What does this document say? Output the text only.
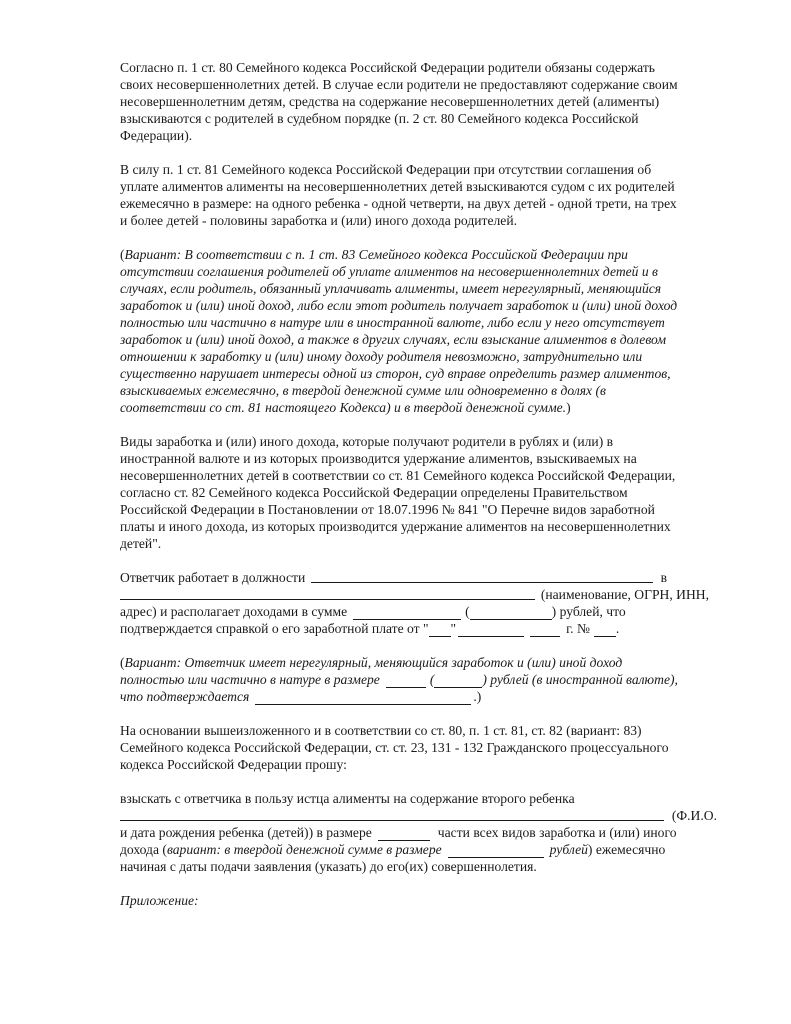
Согласно п. 1 ст. 80 Семейного кодекса Российской Федерации родители обязаны содержать
своих несовершеннолетних детей. В случае если родители не предоставляют содержание своим
несовершеннолетним детям, средства на содержание несовершеннолетних детей (алименты)
взыскиваются с родителей в судебном порядке (п. 2 ст. 80 Семейного кодекса Российской
Федерации).
В силу п. 1 ст. 81 Семейного кодекса Российской Федерации при отсутствии соглашения об
уплате алиментов алименты на несовершеннолетних детей взыскиваются судом с их родителей
ежемесячно в размере: на одного ребенка - одной четверти, на двух детей - одной трети, на трех
и более детей - половины заработка и (или) иного дохода родителей.
(Вариант: В соответствии с п. 1 ст. 83 Семейного кодекса Российской Федерации при
отсутствии соглашения родителей об уплате алиментов на несовершеннолетних детей и в
случаях, если родитель, обязанный уплачивать алименты, имеет нерегулярный, меняющийся
заработок и (или) иной доход, либо если этот родитель получает заработок и (или) иной доход
полностью или частично в натуре или в иностранной валюте, либо если у него отсутствует
заработок и (или) иной доход, а также в других случаях, если взыскание алиментов в долевом
отношении к заработку и (или) иному доходу родителя невозможно, затруднительно или
существенно нарушает интересы одной из сторон, суд вправе определить размер алиментов,
взыскиваемых ежемесячно, в твердой денежной сумме или одновременно в долях (в
соответствии со ст. 81 настоящего Кодекса) и в твердой денежной сумме.)
Виды заработка и (или) иного дохода, которые получают родители в рублях и (или) в
иностранной валюте и из которых производится удержание алиментов, взыскиваемых на
несовершеннолетних детей в соответствии со ст. 81 Семейного кодекса Российской Федерации,
согласно ст. 82 Семейного кодекса Российской Федерации определены Правительством
Российской Федерации в Постановлении от 18.07.1996 № 841 "О Перечне видов заработной
платы и иного дохода, из которых производится удержание алиментов на несовершеннолетних
детей".
Ответчик работает в должности	в
(наименование, ОГРН, ИНН,
адрес) и располагает доходами в сумме	(	) рублей, что
подтверждается справкой о его заработной плате от " "	г. № .
(Вариант: Ответчик имеет нерегулярный, меняющийся заработок и (или) иной доход
полностью или частично в натуре в размере	(	) рублей (в иностранной валюте),
что подтверждается	.)
На основании вышеизложенного и в соответствии со ст. 80, п. 1 ст. 81, ст. 82 (вариант: 83)
Семейного кодекса Российской Федерации, ст. ст. 23, 131 - 132 Гражданского процессуального
кодекса Российской Федерации прошу:
взыскать с ответчика в пользу истца алименты на содержание второго ребенка
(Ф.И.О.
и дата рождения ребенка (детей)) в размере	части всех видов заработка и (или) иного
дохода ( вариант: в твердой денежной сумме в размере	рублей ) ежемесячно
начиная с даты подачи заявления (указать) до его(их) совершеннолетия.
Приложение:
